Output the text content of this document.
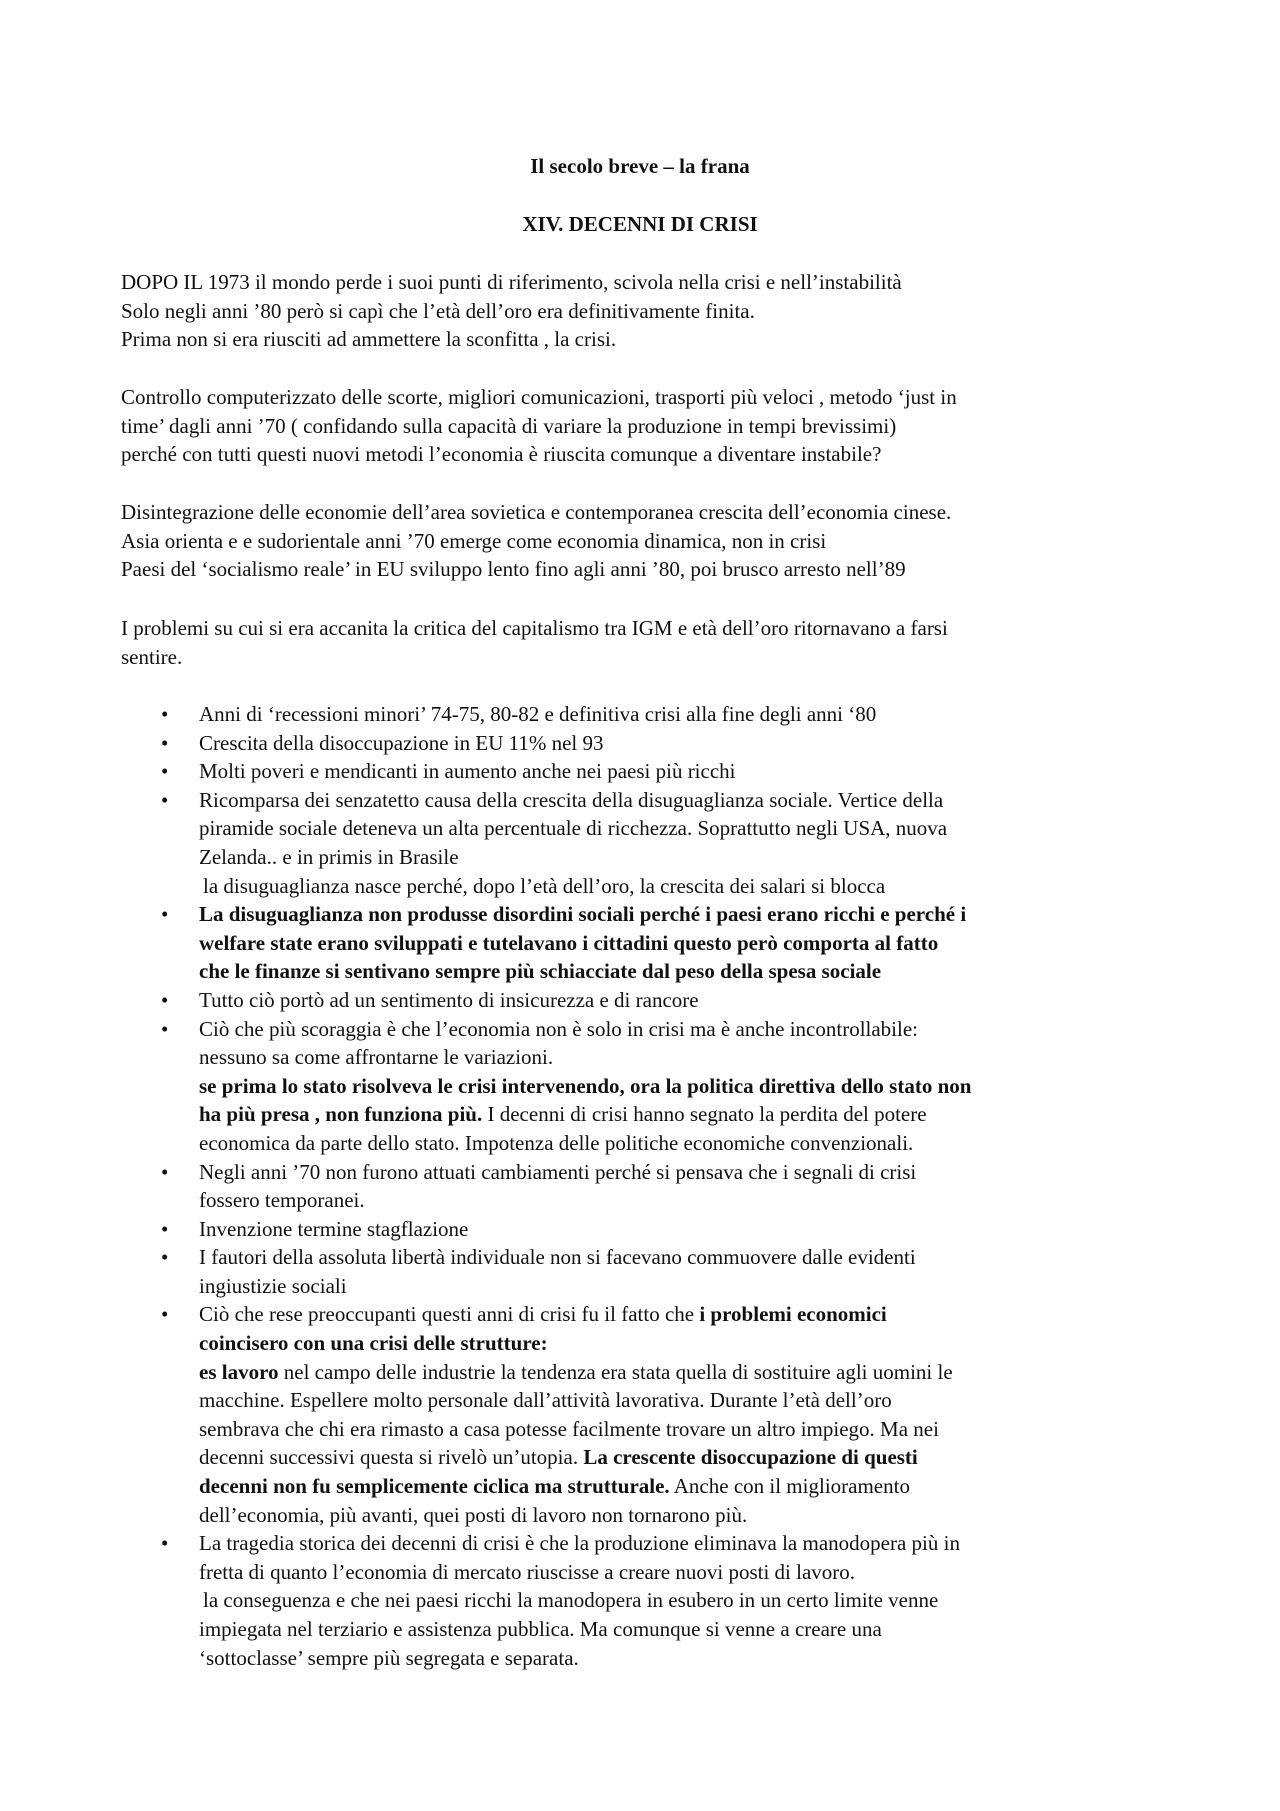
Il secolo breve – la frana
XIV. DECENNI DI CRISI
DOPO IL 1973 il mondo perde i suoi punti di riferimento, scivola nella crisi e nell’instabilità
Solo negli anni ’80 però si capì che l’età dell’oro era definitivamente finita.
Prima non si era riusciti ad ammettere la sconfitta , la crisi.
Controllo computerizzato delle scorte, migliori comunicazioni, trasporti più veloci , metodo ‘just in
time’ dagli anni ’70 ( confidando sulla capacità di variare la produzione in tempi brevissimi)
perché con tutti questi nuovi metodi l’economia è riuscita comunque a diventare instabile?
Disintegrazione delle economie dell’area sovietica e contemporanea crescita dell’economia cinese.
Asia orienta e e sudorientale anni ’70 emerge come economia dinamica, non in crisi
Paesi del ‘socialismo reale’ in EU sviluppo lento fino agli anni ’80, poi brusco arresto nell’89
I problemi su cui si era accanita la critica del capitalismo tra IGM e età dell’oro ritornavano a farsi
sentire.
• Anni di ‘recessioni minori’ 74-75, 80-82 e definitiva crisi alla fine degli anni ‘80
• Crescita della disoccupazione in EU 11% nel 93
• Molti poveri e mendicanti in aumento anche nei paesi più ricchi
• Ricomparsa dei senzatetto causa della crescita della disuguaglianza sociale. Vertice della
piramide sociale deteneva un alta percentuale di ricchezza. Soprattutto negli USA, nuova
Zelanda.. e in primis in Brasile
la disuguaglianza nasce perché, dopo l’età dell’oro, la crescita dei salari si blocca
• La disuguaglianza non produsse disordini sociali perché i paesi erano ricchi e perché i
welfare state erano sviluppati e tutelavano i cittadini questo però comporta al fatto
che le finanze si sentivano sempre più schiacciate dal peso della spesa sociale
• Tutto ciò portò ad un sentimento di insicurezza e di rancore
• Ciò che più scoraggia è che l’economia non è solo in crisi ma è anche incontrollabile:
nessuno sa come affrontarne le variazioni.
se prima lo stato risolveva le crisi intervenendo, ora la politica direttiva dello stato non
ha più presa , non funziona più. I decenni di crisi hanno segnato la perdita del potere
economica da parte dello stato. Impotenza delle politiche economiche convenzionali.
• Negli anni ’70 non furono attuati cambiamenti perché si pensava che i segnali di crisi
fossero temporanei.
• Invenzione termine stagflazione
• I fautori della assoluta libertà individuale non si facevano commuovere dalle evidenti
ingiustizie sociali
• Ciò che rese preoccupanti questi anni di crisi fu il fatto che i problemi economici
coincisero con una crisi delle strutture:
es lavoro nel campo delle industrie la tendenza era stata quella di sostituire agli uomini le
macchine. Espellere molto personale dall’attività lavorativa. Durante l’età dell’oro
sembrava che chi era rimasto a casa potesse facilmente trovare un altro impiego. Ma nei
decenni successivi questa si rivelò un’utopia. La crescente disoccupazione di questi
decenni non fu semplicemente ciclica ma strutturale. Anche con il miglioramento
dell’economia, più avanti, quei posti di lavoro non tornarono più.
• La tragedia storica dei decenni di crisi è che la produzione eliminava la manodopera più in
fretta di quanto l’economia di mercato riuscisse a creare nuovi posti di lavoro.
la conseguenza e che nei paesi ricchi la manodopera in esubero in un certo limite venne
impiegata nel terziario e assistenza pubblica. Ma comunque si venne a creare una
‘sottoclasse’ sempre più segregata e separata.
